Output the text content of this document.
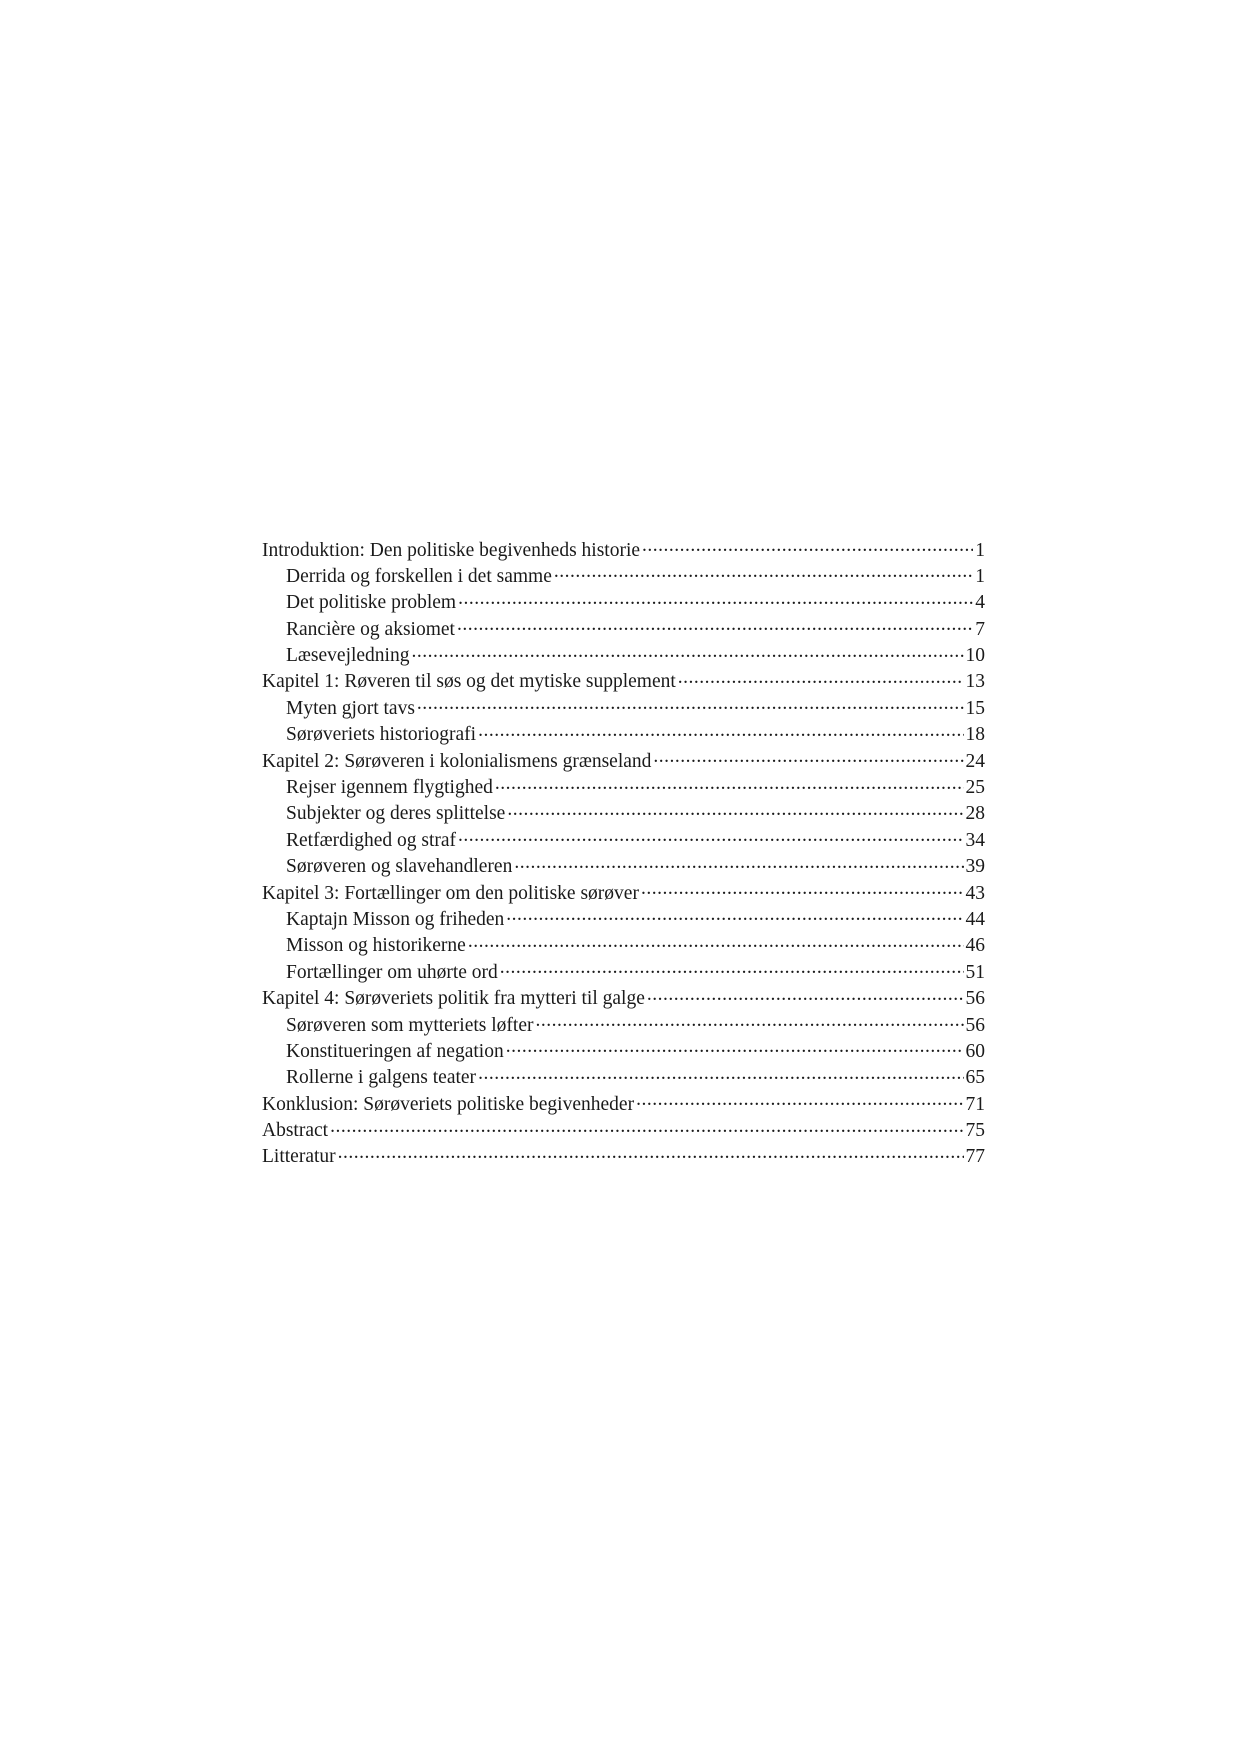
Introduktion: Den politiske begivenheds historie .....	1
Derrida og forskellen i det samme .....	1
Det politiske problem .....	4
Rancière og aksiomet .....	7
Læsevejledning .....	10
Kapitel 1: Røveren til søs og det mytiske supplement .....	13
Myten gjort tavs .....	15
Sørøveriets historiografi .....	18
Kapitel 2: Sørøveren i kolonialismens grænseland .....	24
Rejser igennem flygtighed .....	25
Subjekter og deres splittelse .....	28
Retfærdighed og straf .....	34
Sørøveren og slavehandleren .....	39
Kapitel 3: Fortællinger om den politiske sørøver .....	43
Kaptajn Misson og friheden .....	44
Misson og historikerne .....	46
Fortællinger om uhørte ord .....	51
Kapitel 4: Sørøveriets politik fra mytteri til galge .....	56
Sørøveren som mytteriets løfter .....	56
Konstitueringen af negation .....	60
Rollerne i galgens teater .....	65
Konklusion: Sørøveriets politiske begivenheder .....	71
Abstract .....	75
Litteratur .....	77
